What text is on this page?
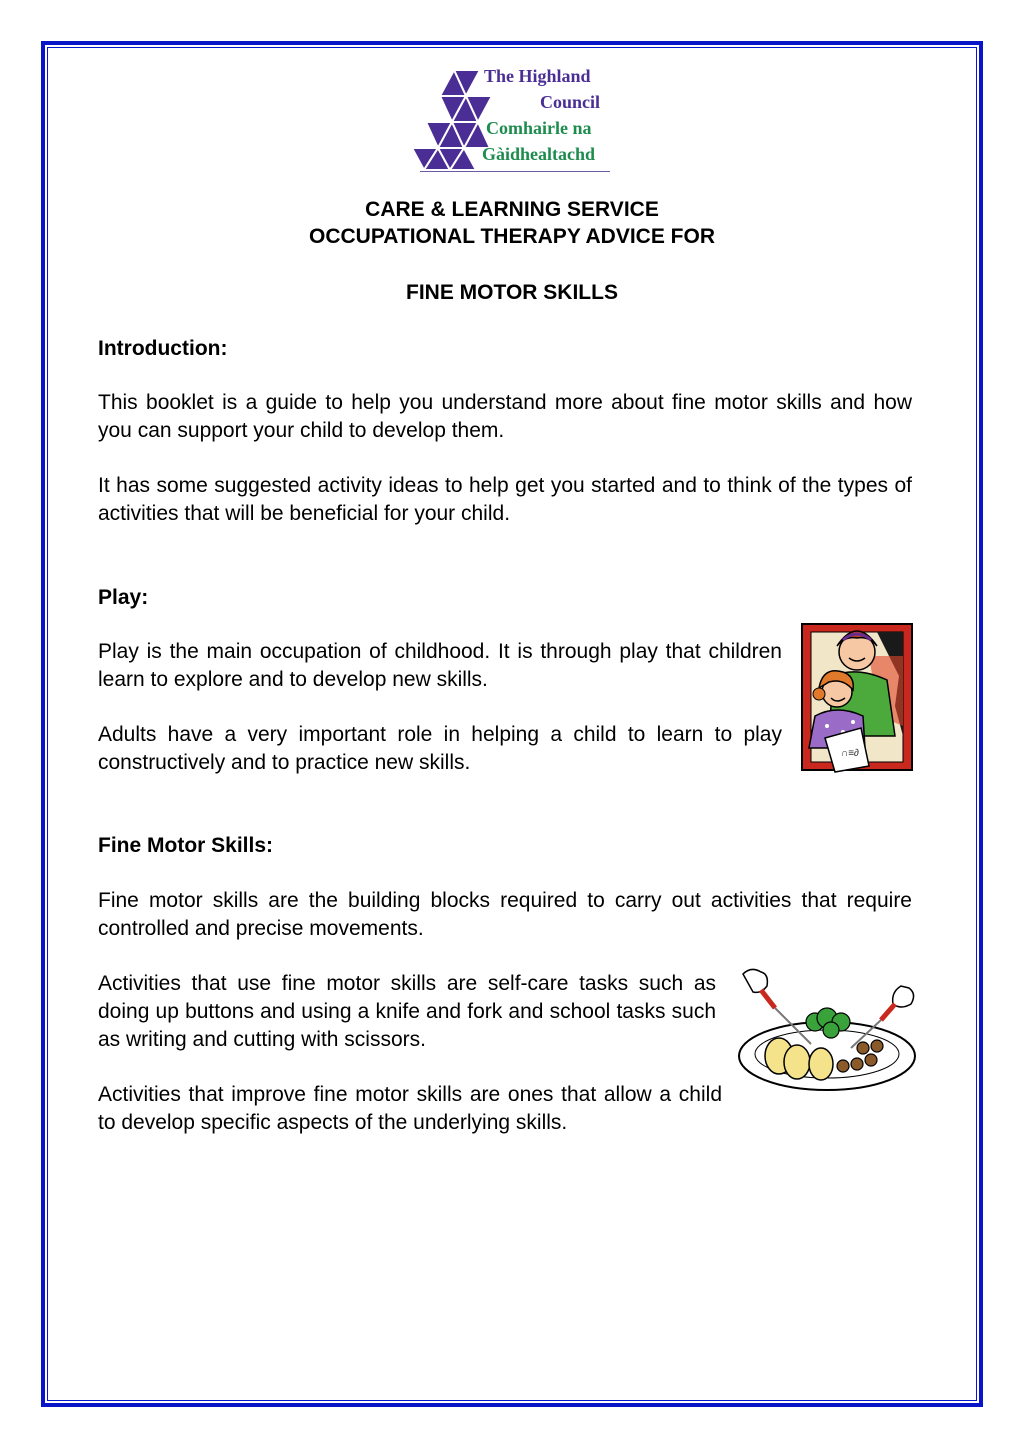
The Highland
Council
Comhairle na
Gàidhealtachd
CARE & LEARNING SERVICE
OCCUPATIONAL THERAPY ADVICE FOR
FINE MOTOR SKILLS
Introduction:
This booklet is a guide to help you understand more about fine motor skills and how you can support your child to develop them.
It has some suggested activity ideas to help get you started and to think of the types of activities that will be beneficial for your child.
Play:
Play is the main occupation of childhood. It is through play that children learn to explore and to develop new skills.
Adults have a very important role in helping a child to learn to play constructively and to practice new skills.	∩≡∂
Fine Motor Skills:
Fine motor skills are the building blocks required to carry out activities that require controlled and precise movements.
Activities that use fine motor skills are self-care tasks such as doing up buttons and using a knife and fork and school tasks such as writing and cutting with scissors.
Activities that improve fine motor skills are ones that allow a child to develop specific aspects of the underlying skills.
